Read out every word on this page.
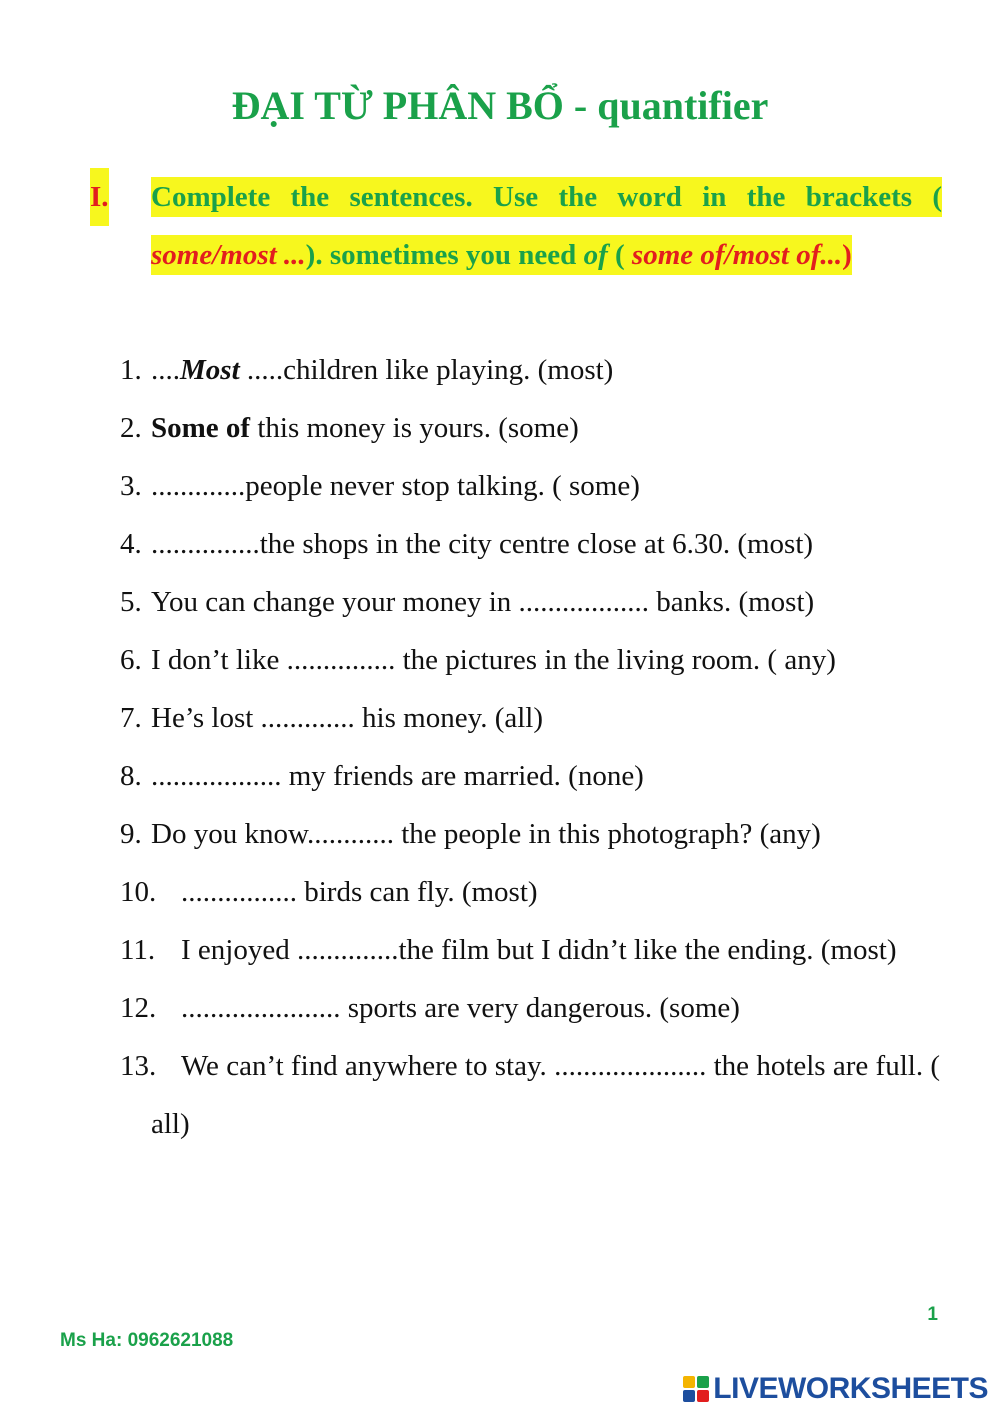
ĐẠI TỪ PHÂN BỔ - quantifier
I. Complete the sentences. Use the word in the brackets ( some/most ...). sometimes you need of ( some of/most of...)
1. ....Most .....children like playing. (most)
2. Some of this money is yours. (some)
3. .............people never stop talking. ( some)
4. ...............the shops in the city centre close at 6.30. (most)
5. You can change your money in .................. banks. (most)
6. I don’t like ............... the pictures in the living room. ( any)
7. He’s lost ............. his money. (all)
8. .................. my friends are married. (none)
9. Do you know............ the people in this photograph? (any)
10. ................ birds can fly. (most)
11. I enjoyed ..............the film but I didn’t like the ending. (most)
12. ...................... sports are very dangerous. (some)
13. We can’t find anywhere to stay. ..................... the hotels are full. ( all)
1
Ms Ha: 0962621088
LIVEWORKSHEETS
